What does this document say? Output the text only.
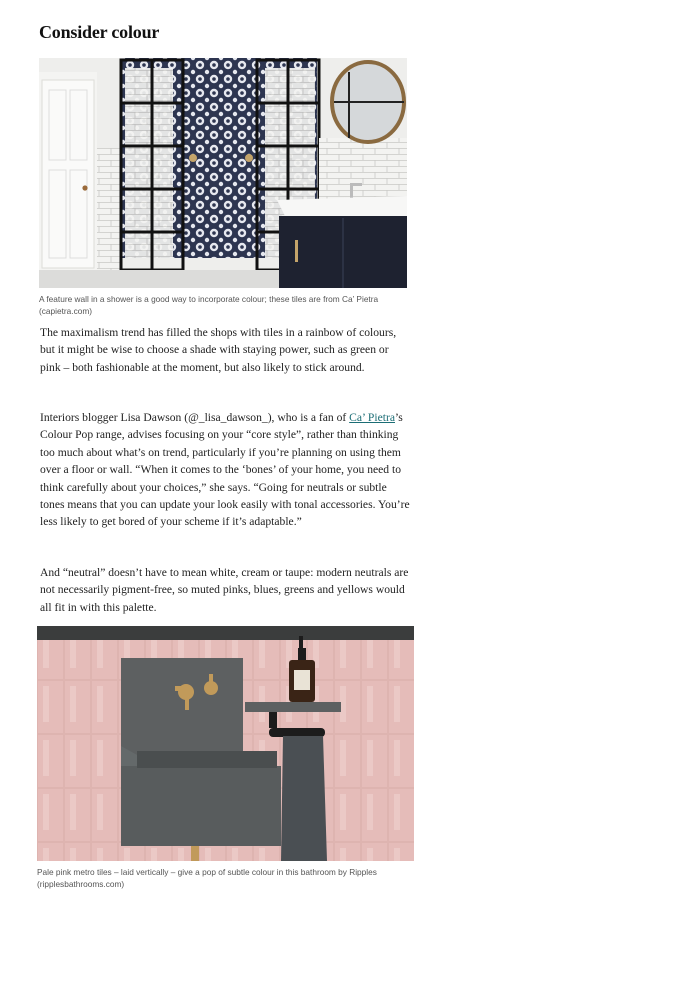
Consider colour

A feature wall in a shower is a good way to incorporate colour; these tiles are from Ca’ Pietra (capietra.com)

The maximalism trend has filled the shops with tiles in a rainbow of colours, but it might be wise to choose a shade with staying power, such as green or pink – both fashionable at the moment, but also likely to stick around.

Interiors blogger Lisa Dawson (@_lisa_dawson_), who is a fan of Ca’ Pietra’s Colour Pop range, advises focusing on your “core style”, rather than thinking too much about what’s on trend, particularly if you’re planning on using them over a floor or wall. “When it comes to the ‘bones’ of your home, you need to think carefully about your choices,” she says. “Going for neutrals or subtle tones means that you can update your look easily with tonal accessories. You’re less likely to get bored of your scheme if it’s adaptable.”

And “neutral” doesn’t have to mean white, cream or taupe: modern neutrals are not necessarily pigment-free, so muted pinks, blues, greens and yellows would all fit in with this palette.

Pale pink metro tiles – laid vertically – give a pop of subtle colour in this bathroom by Ripples (ripplesbathrooms.com)
